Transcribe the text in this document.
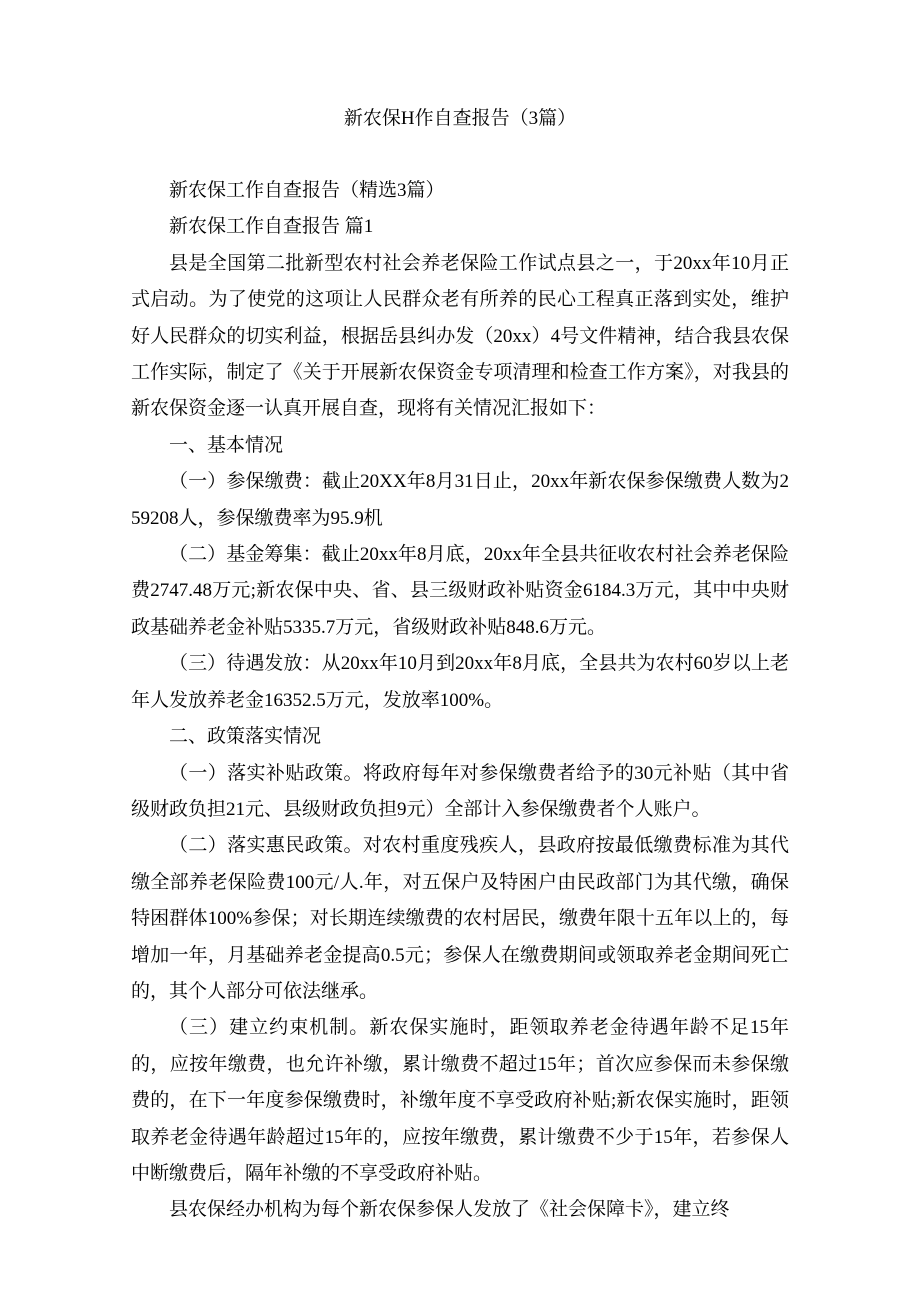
新农保H作自查报告（3篇）

新农保工作自查报告（精选3篇）

新农保工作自查报告 篇1

县是全国第二批新型农村社会养老保险工作试点县之一，于20xx年10月正式启动。为了使党的这项让人民群众老有所养的民心工程真正落到实处，维护好人民群众的切实利益，根据岳县纠办发（20xx）4号文件精神，结合我县农保工作实际，制定了《关于开展新农保资金专项清理和检查工作方案》，对我县的新农保资金逐一认真开展自查，现将有关情况汇报如下：

一、基本情况

（一）参保缴费：截止20XX年8月31日止，20xx年新农保参保缴费人数为259208人，参保缴费率为95.9机

（二）基金筹集：截止20xx年8月底，20xx年全县共征收农村社会养老保险费2747.48万元;新农保中央、省、县三级财政补贴资金6184.3万元，其中中央财政基础养老金补贴5335.7万元，省级财政补贴848.6万元。

（三）待遇发放：从20xx年10月到20xx年8月底，全县共为农村60岁以上老年人发放养老金16352.5万元，发放率100%。

二、政策落实情况

（一）落实补贴政策。将政府每年对参保缴费者给予的30元补贴（其中省级财政负担21元、县级财政负担9元）全部计入参保缴费者个人账户。

（二）落实惠民政策。对农村重度残疾人，县政府按最低缴费标准为其代缴全部养老保险费100元/人.年，对五保户及特困户由民政部门为其代缴，确保特困群体100%参保；对长期连续缴费的农村居民，缴费年限十五年以上的，每增加一年，月基础养老金提高0.5元；参保人在缴费期间或领取养老金期间死亡的，其个人部分可依法继承。

（三）建立约束机制。新农保实施时，距领取养老金待遇年龄不足15年的，应按年缴费，也允许补缴，累计缴费不超过15年；首次应参保而未参保缴费的，在下一年度参保缴费时，补缴年度不享受政府补贴;新农保实施时，距领取养老金待遇年龄超过15年的，应按年缴费，累计缴费不少于15年，若参保人中断缴费后，隔年补缴的不享受政府补贴。

县农保经办机构为每个新农保参保人发放了《社会保障卡》，建立终
